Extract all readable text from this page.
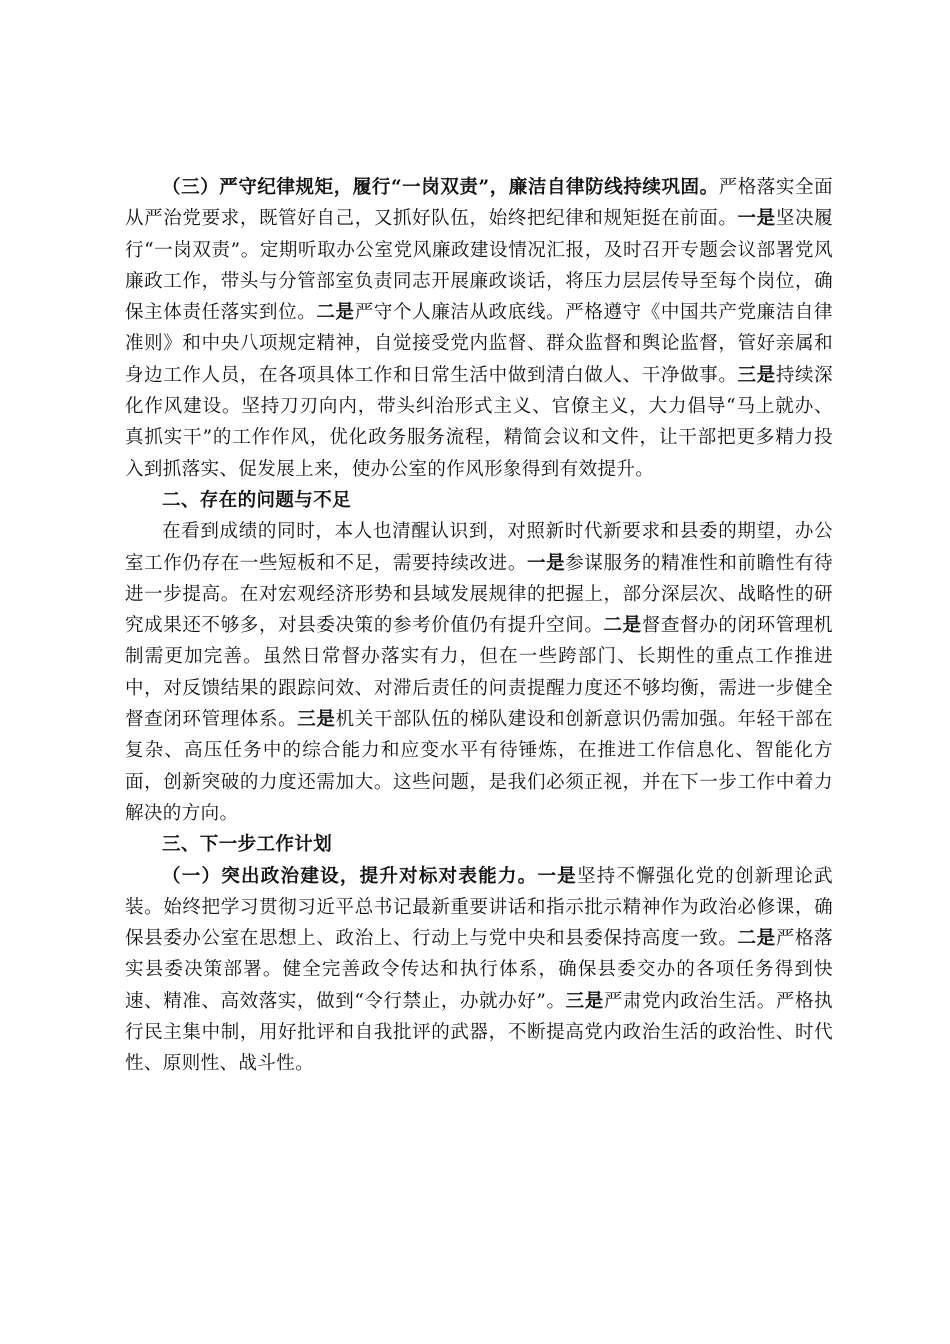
（三）严守纪律规矩，履行“一岗双责”，廉洁自律防线持续巩固。严格落实全面从严治党要求，既管好自己，又抓好队伍，始终把纪律和规矩挺在前面。一是坚决履行“一岗双责”。定期听取办公室党风廉政建设情况汇报，及时召开专题会议部署党风廉政工作，带头与分管部室负责同志开展廉政谈话，将压力层层传导至每个岗位，确保主体责任落实到位。二是严守个人廉洁从政底线。严格遵守《中国共产党廉洁自律准则》和中央八项规定精神，自觉接受党内监督、群众监督和舆论监督，管好亲属和身边工作人员，在各项具体工作和日常生活中做到清白做人、干净做事。三是持续深化作风建设。坚持刀刃向内，带头纠治形式主义、官僚主义，大力倡导“马上就办、真抓实干”的工作作风，优化政务服务流程，精简会议和文件，让干部把更多精力投入到抓落实、促发展上来，使办公室的作风形象得到有效提升。

二、存在的问题与不足

在看到成绩的同时，本人也清醒认识到，对照新时代新要求和县委的期望，办公室工作仍存在一些短板和不足，需要持续改进。一是参谋服务的精准性和前瞻性有待进一步提高。在对宏观经济形势和县域发展规律的把握上，部分深层次、战略性的研究成果还不够多，对县委决策的参考价值仍有提升空间。二是督查督办的闭环管理机制需更加完善。虽然日常督办落实有力，但在一些跨部门、长期性的重点工作推进中，对反馈结果的跟踪问效、对滞后责任的问责提醒力度还不够均衡，需进一步健全督查闭环管理体系。三是机关干部队伍的梯队建设和创新意识仍需加强。年轻干部在复杂、高压任务中的综合能力和应变水平有待锤炼，在推进工作信息化、智能化方面，创新突破的力度还需加大。这些问题，是我们必须正视，并在下一步工作中着力解决的方向。

三、下一步工作计划

（一）突出政治建设，提升对标对表能力。一是坚持不懈强化党的创新理论武装。始终把学习贯彻习近平总书记最新重要讲话和指示批示精神作为政治必修课，确保县委办公室在思想上、政治上、行动上与党中央和县委保持高度一致。二是严格落实县委决策部署。健全完善政令传达和执行体系，确保县委交办的各项任务得到快速、精准、高效落实，做到“令行禁止，办就办好”。三是严肃党内政治生活。严格执行民主集中制，用好批评和自我批评的武器，不断提高党内政治生活的政治性、时代性、原则性、战斗性。
